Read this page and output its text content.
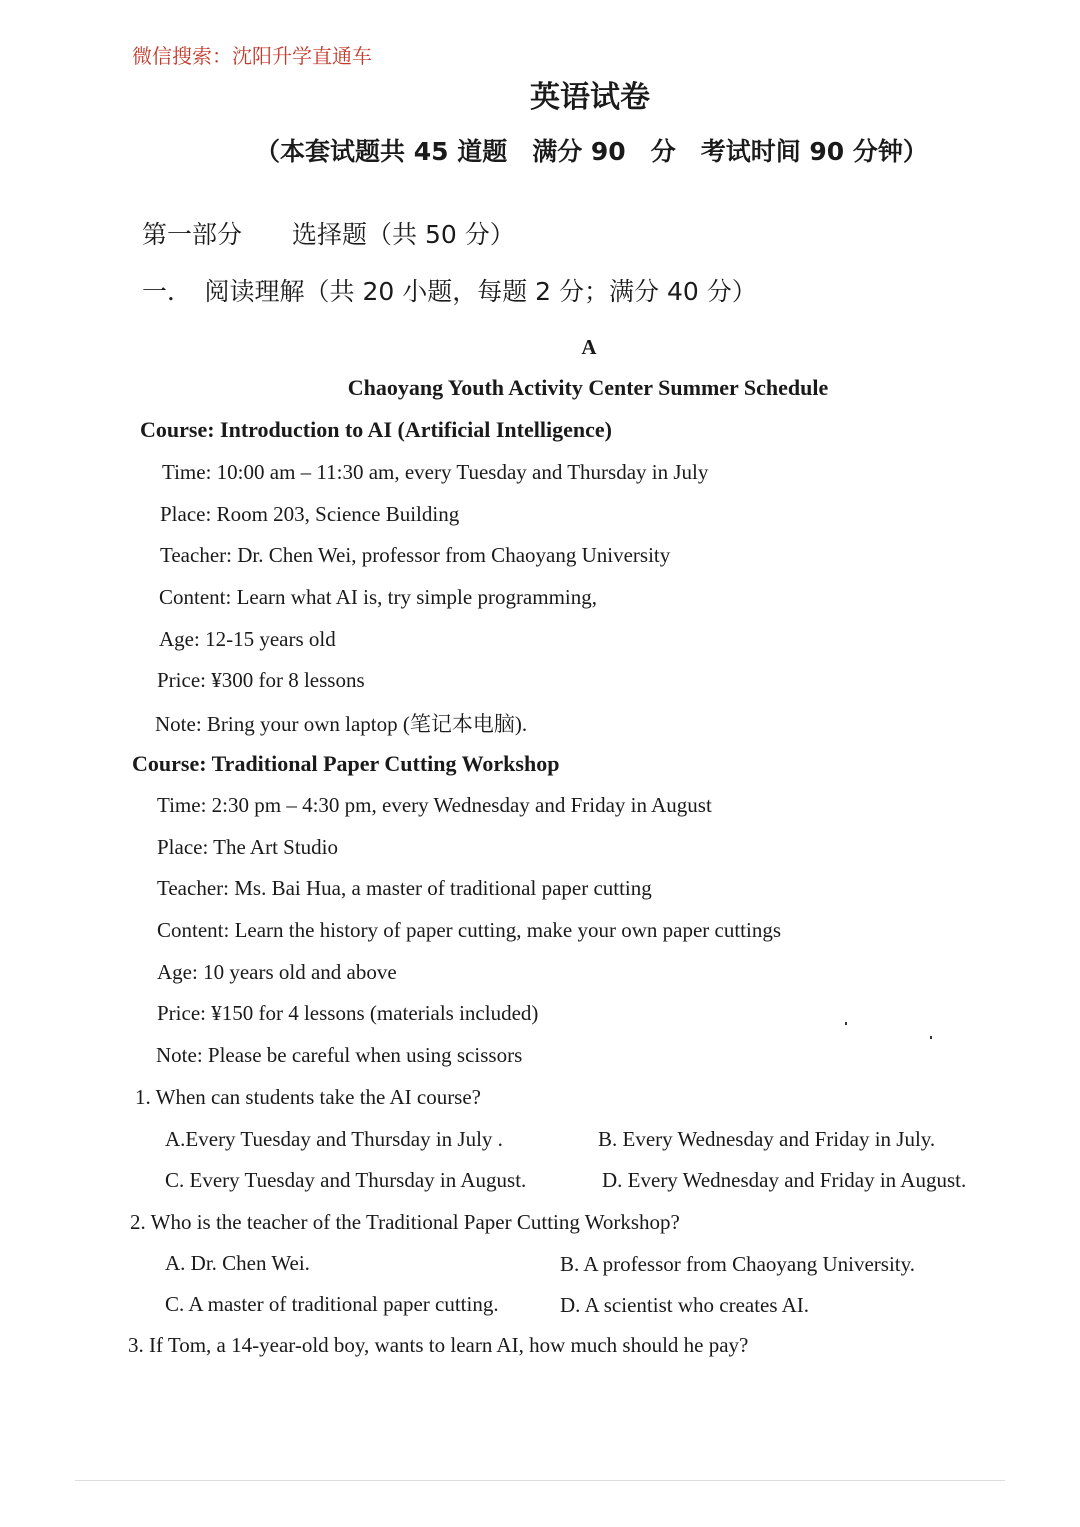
微信搜索：沈阳升学直通车
英语试卷
（本套试题共 45 道题　满分 90　分　考试时间 90 分钟）
第一部分　　选择题（共 50 分）
一．　阅读理解（共 20 小题，每题 2 分；满分 40 分）
A
Chaoyang Youth Activity Center Summer Schedule
Course: Introduction to AI (Artificial Intelligence)
Time: 10:00 am – 11:30 am, every Tuesday and Thursday in July
Place: Room 203, Science Building
Teacher: Dr. Chen Wei, professor from Chaoyang University
Content: Learn what AI is, try simple programming,
Age: 12-15 years old
Price: ¥300 for 8 lessons
Note: Bring your own laptop (笔记本电脑).
Course: Traditional Paper Cutting Workshop
Time: 2:30 pm – 4:30 pm, every Wednesday and Friday in August
Place: The Art Studio
Teacher: Ms. Bai Hua, a master of traditional paper cutting
Content: Learn the history of paper cutting, make your own paper cuttings
Age: 10 years old and above
Price: ¥150 for 4 lessons (materials included)
Note: Please be careful when using scissors
1. When can students take the AI course?
A.Every Tuesday and Thursday in July .	B. Every Wednesday and Friday in July.
C. Every Tuesday and Thursday in August.	D. Every Wednesday and Friday in August.
2. Who is the teacher of the Traditional Paper Cutting Workshop?
A. Dr. Chen Wei.	B. A professor from Chaoyang University.
C. A master of traditional paper cutting.	D. A scientist who creates AI.
3. If Tom, a 14-year-old boy, wants to learn AI, how much should he pay?
